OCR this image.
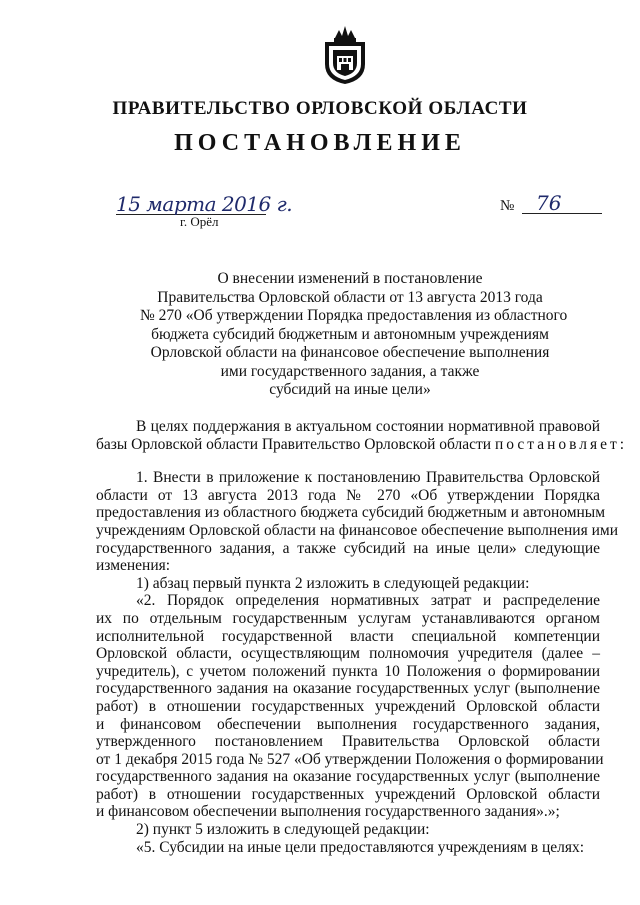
ПРАВИТЕЛЬСТВО ОРЛОВСКОЙ ОБЛАСТИ
ПОСТАНОВЛЕНИЕ
15 марта 2016 г.
г. Орёл
№ 76
О внесении изменений в постановление
Правительства Орловской области от 13 августа 2013 года
№ 270 «Об утверждении Порядка предоставления из областного
бюджета субсидий бюджетным и автономным учреждениям
Орловской области на финансовое обеспечение выполнения
ими государственного задания, а также
субсидий на иные цели»

В целях поддержания в актуальном состоянии нормативной правовой
базы Орловской области Правительство Орловской области постановляет:

1. Внести в приложение к постановлению Правительства Орловской
области от 13 августа 2013 года № 270 «Об утверждении Порядка
предоставления из областного бюджета субсидий бюджетным и автономным
учреждениям Орловской области на финансовое обеспечение выполнения ими
государственного задания, а также субсидий на иные цели» следующие
изменения:
1) абзац первый пункта 2 изложить в следующей редакции:
«2. Порядок определения нормативных затрат и распределение
их по отдельным государственным услугам устанавливаются органом
исполнительной государственной власти специальной компетенции
Орловской области, осуществляющим полномочия учредителя (далее –
учредитель), с учетом положений пункта 10 Положения о формировании
государственного задания на оказание государственных услуг (выполнение
работ) в отношении государственных учреждений Орловской области
и финансовом обеспечении выполнения государственного задания,
утвержденного постановлением Правительства Орловской области
от 1 декабря 2015 года № 527 «Об утверждении Положения о формировании
государственного задания на оказание государственных услуг (выполнение
работ) в отношении государственных учреждений Орловской области
и финансовом обеспечении выполнения государственного задания».»;
2) пункт 5 изложить в следующей редакции:
«5. Субсидии на иные цели предоставляются учреждениям в целях:
